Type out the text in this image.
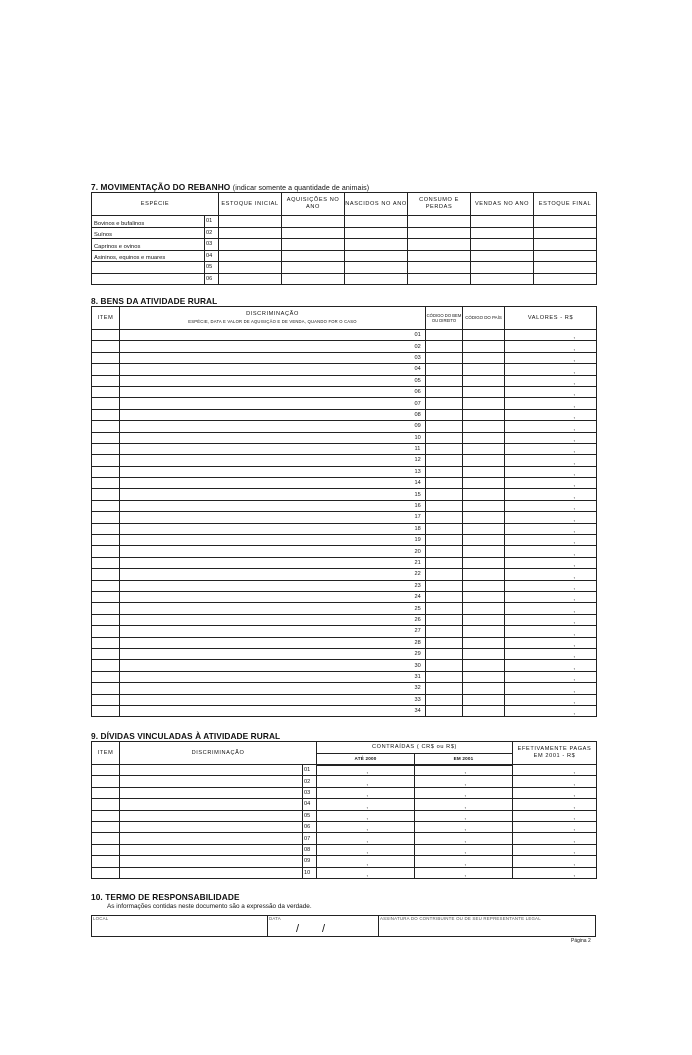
7. MOVIMENTAÇÃO DO REBANHO (indicar somente a quantidade de animais)
ESPÉCIE		ESTOQUE INICIAL	AQUISIÇÕES NO ANO	NASCIDOS NO ANO	CONSUMO E PERDAS	VENDAS NO ANO	ESTOQUE FINAL
Bovinos e bufalinos	01						
Suínos	02						
Caprinos e ovinos	03						
Asininos, equinos e muares	04						
	05						
	06						
8. BENS DA ATIVIDADE RURAL
ITEM	DISCRIMINAÇÃO
ESPÉCIE, DATA E VALOR DE AQUISIÇÃO E DE VENDA, QUANDO FOR O CASO		CÓDIGO DO BEM OU DIREITO	CÓDIGO DO PAÍS	VALORES - R$
		01			,

		02			,

		03			,

		04			,

		05			,

		06			,

		07			,

		08			,

		09			,

		10			,

		11			,

		12			,

		13			,

		14			,

		15			,

		16			,

		17			,

		18			,

		19			,

		20			,

		21			,

		22			,

		23			,

		24			,

		25			,

		26			,

		27			,

		28			,

		29			,

		30			,

		31			,

		32			,

		33			,

		34			,
9. DÍVIDAS VINCULADAS À ATIVIDADE RURAL
ITEM	DISCRIMINAÇÃO		CONTRAÍDAS ( CR$ ou R$)		EFETIVAMENTE PAGAS EM 2001 - R$
			ATÉ 2000	EM 2001	
		01	,	,	,

		02	,	,	,

		03	,	,	,

		04	,	,	,

		05	,	,	,

		06	,	,	,

		07	,	,	,

		08	,	,	,

		09	,	,	,

		10	,	,	,
10. TERMO DE RESPONSABILIDADE
As informações contidas neste documento são a expressão da verdade.
LOCAL	DATA
/ /
ASSINATURA DO CONTRIBUINTE OU DE SEU REPRESENTANTE LEGAL
Página 2
